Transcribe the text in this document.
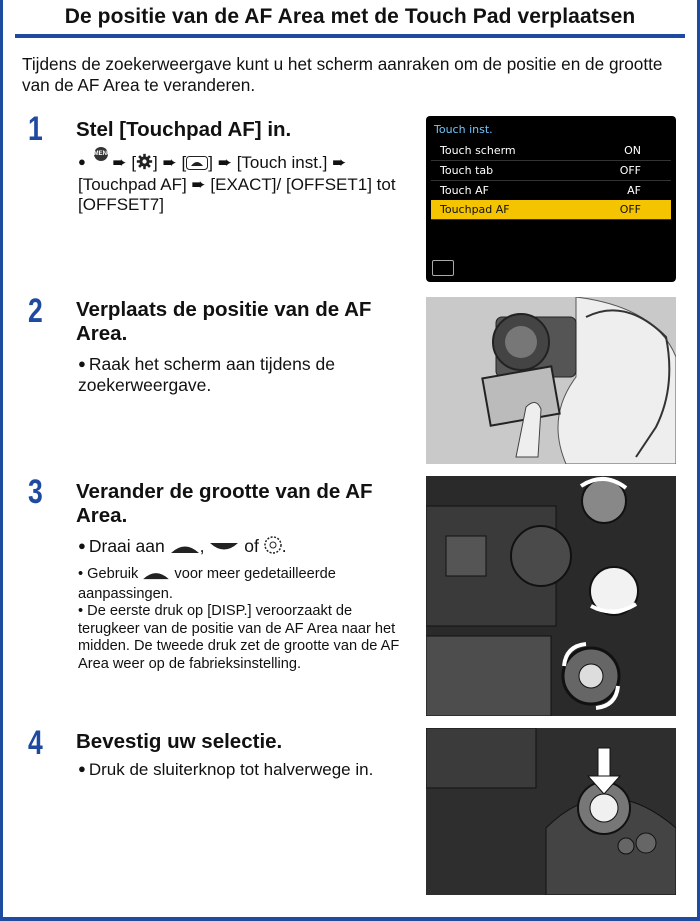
De positie van de AF Area met de Touch Pad verplaatsen
Tijdens de zoekerweergave kunt u het scherm aanraken om de positie en de grootte van de AF Area te veranderen.
1 Stel [Touchpad AF] in.
● MENU /SET ➨ [ ] ➨ [ ] ➨ [Touch inst.] ➨ [Touchpad AF] ➨ [EXACT]/ [OFFSET1] tot [OFFSET7]
Touch inst.
Touch scherm	ON
Touch tab	OFF
Touch AF	AF
Touchpad AF	OFF
2 Verplaats de positie van de AF Area.
● Raak het scherm aan tijdens de zoekerweergave.
3 Verander de grootte van de AF Area.
● Draai aan , of .
• Gebruik voor meer gedetailleerde aanpassingen.
• De eerste druk op [DISP.] veroorzaakt de terugkeer van de positie van de AF Area naar het midden. De tweede druk zet de grootte van de AF Area weer op de fabrieksinstelling.
4 Bevestig uw selectie.
● Druk de sluiterknop tot halverwege in.
